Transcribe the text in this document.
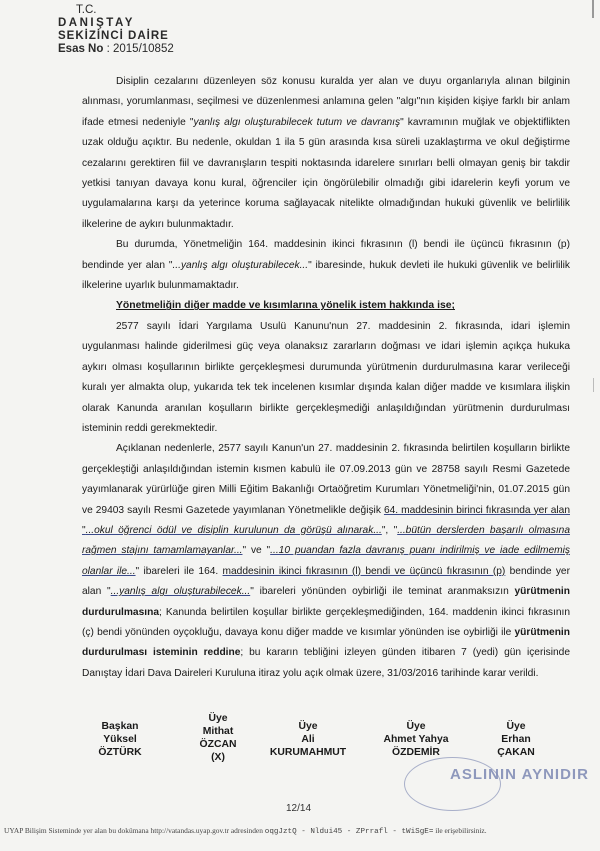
T.C.
DANIŞTAY
SEKİZİNCİ DAİRE
Esas No : 2015/10852

Disiplin cezalarını düzenleyen söz konusu kuralda yer alan ve duyu organlarıyla alınan bilginin alınması, yorumlanması, seçilmesi ve düzenlenmesi anlamına gelen "algı"nın kişiden kişiye farklı bir anlam ifade etmesi nedeniyle "yanlış algı oluşturabilecek tutum ve davranış" kavramının muğlak ve objektiflikten uzak olduğu açıktır. Bu nedenle, okuldan 1 ila 5 gün arasında kısa süreli uzaklaştırma ve okul değiştirme cezalarını gerektiren fiil ve davranışların tespiti noktasında idarelere sınırları belli olmayan geniş bir takdir yetkisi tanıyan davaya konu kural, öğrenciler için öngörülebilir olmadığı gibi idarelerin keyfi yorum ve uygulamalarına karşı da yeterince koruma sağlayacak nitelikte olmadığından hukuki güvenlik ve belirlilik ilkelerine de aykırı bulunmaktadır.

Bu durumda, Yönetmeliğin 164. maddesinin ikinci fıkrasının (l) bendi ile üçüncü fıkrasının (p) bendinde yer alan "...yanlış algı oluşturabilecek..." ibaresinde, hukuk devleti ile hukuki güvenlik ve belirlilik ilkelerine uyarlık bulunmamaktadır.

Yönetmeliğin diğer madde ve kısımlarına yönelik istem hakkında ise;

2577 sayılı İdari Yargılama Usulü Kanunu'nun 27. maddesinin 2. fıkrasında, idari işlemin uygulanması halinde giderilmesi güç veya olanaksız zararların doğması ve idari işlemin açıkça hukuka aykırı olması koşullarının birlikte gerçekleşmesi durumunda yürütmenin durdurulmasına karar verileceği kuralı yer almakta olup, yukarıda tek tek incelenen kısımlar dışında kalan diğer madde ve kısımlara ilişkin olarak Kanunda aranılan koşulların birlikte gerçekleşmediği anlaşıldığından yürütmenin durdurulması isteminin reddi gerekmektedir.

Açıklanan nedenlerle, 2577 sayılı Kanun'un 27. maddesinin 2. fıkrasında belirtilen koşulların birlikte gerçekleştiği anlaşıldığından istemin kısmen kabulü ile 07.09.2013 gün ve 28758 sayılı Resmi Gazetede yayımlanarak yürürlüğe giren Milli Eğitim Bakanlığı Ortaöğretim Kurumları Yönetmeliği'nin, 01.07.2015 gün ve 29403 sayılı Resmi Gazetede yayımlanan Yönetmelikle değişik 64. maddesinin birinci fıkrasında yer alan "...okul öğrenci ödül ve disiplin kurulunun da görüşü alınarak...", "...bütün derslerden başarılı olmasına rağmen stajını tamamlamayanlar..." ve "...10 puandan fazla davranış puanı indirilmiş ve iade edilmemiş olanlar ile..." ibareleri ile 164. maddesinin ikinci fıkrasının (l) bendi ve üçüncü fıkrasının (p) bendinde yer alan "...yanlış algı oluşturabilecek..." ibareleri yönünden oybirliği ile teminat aranmaksızın yürütmenin durdurulmasına; Kanunda belirtilen koşullar birlikte gerçekleşmediğinden, 164. maddenin ikinci fıkrasının (ç) bendi yönünden oyçokluğu, davaya konu diğer madde ve kısımlar yönünden ise oybirliği ile yürütmenin durdurulması isteminin reddine; bu kararın tebliğini izleyen günden itibaren 7 (yedi) gün içerisinde Danıştay İdari Dava Daireleri Kuruluna itiraz yolu açık olmak üzere, 31/03/2016 tarihinde karar verildi.

Başkan
Yüksel
ÖZTÜRK
Üye
Mithat
ÖZCAN
(X)
Üye
Ali
KURUMAHMUT
Üye
Ahmet Yahya
ÖZDEMİR
Üye
Erhan
ÇAKAN
ASLININ AYNIDIR
12/14
UYAP Bilişim Sisteminde yer alan bu dokümana http://vatandas.uyap.gov.tr adresinden oqgJztQ - Nldui45 - ZPrrafl - tWiSgE= ile erişebilirsiniz.
